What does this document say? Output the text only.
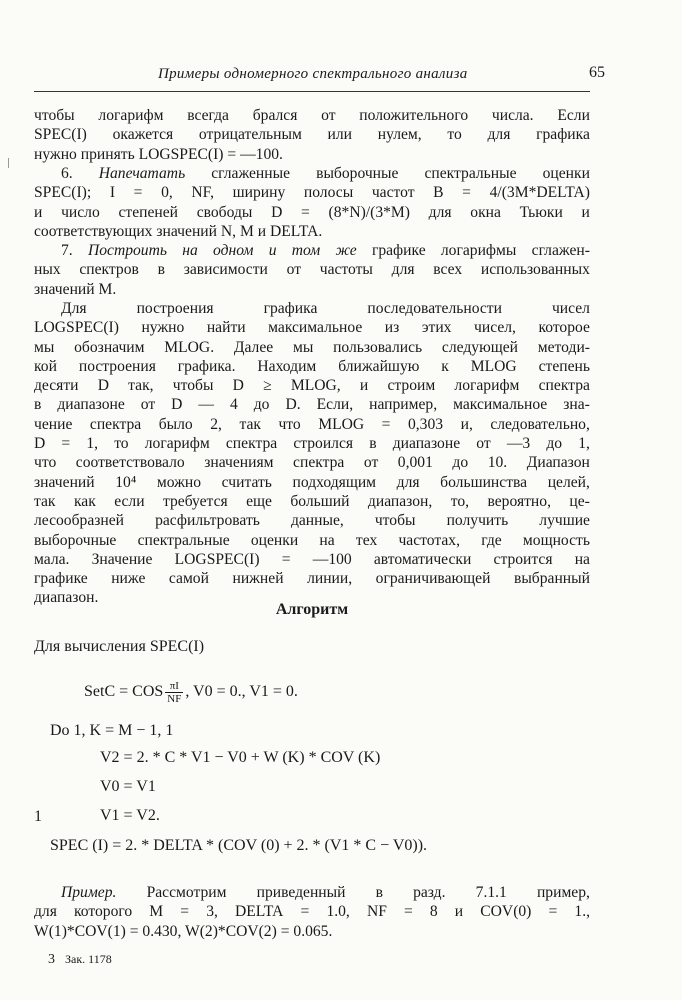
Примеры одномерного спектрального анализа	65
чтобы логарифм всегда брался от положительного числа. Если
SPEC(I) окажется отрицательным или нулем, то для графика
нужно принять LOGSPEC(I) = —100.
6. Напечатать сглаженные выборочные спектральные оценки
SPEC(I); I = 0, NF, ширину полосы частот B = 4/(3M*DELTA)
и число степеней свободы D = (8*N)/(3*M) для окна Тьюки и
соответствующих значений N, M и DELTA.
7. Построить на одном и том же графике логарифмы сглажен-
ных спектров в зависимости от частоты для всех использованных
значений M.
Для	построения	графика	последовательности	чисел
LOGSPEC(I) нужно найти максимальное из этих чисел, которое
мы обозначим MLOG. Далее мы пользовались следующей методи-
кой построения графика. Находим ближайшую к MLOG степень
десяти D так, чтобы D ≥ MLOG, и строим логарифм спектра
в диапазоне от D — 4 до D. Если, например, максимальное зна-
чение спектра было 2, так что MLOG = 0,303 и, следовательно,
D = 1, то логарифм спектра строился в диапазоне от —3 до 1,
что соответствовало значениям спектра от 0,001 до 10. Диапазон
значений 10⁴ можно считать подходящим для большинства целей,
так как если требуется еще больший диапазон, то, вероятно, це-
лесообразней расфильтровать данные, чтобы получить лучшие
выборочные спектральные оценки на тех частотах, где мощность
мала. Значение LOGSPEC(I) = —100 автоматически строится на
графике ниже самой нижней линии, ограничивающей выбранный
диапазон.
Алгоритм
Для вычисления SPEC(I)
SetC = COS $\frac{\pi I}{NF}$ , V0 = 0., V1 = 0.
Do 1, K = M − 1, 1
V2 = 2. * C * V1 − V0 + W (K) * COV (K)
V0 = V1
1	V1 = V2.
SPEC (I) = 2. * DELTA * (COV (0) + 2. * (V1 * C − V0)).
Пример. Рассмотрим приведенный в разд. 7.1.1 пример,
для которого M = 3, DELTA = 1.0, NF = 8 и COV(0) = 1.,
W(1)*COV(1) = 0.430, W(2)*COV(2) = 0.065.
3 Зак. 1178
